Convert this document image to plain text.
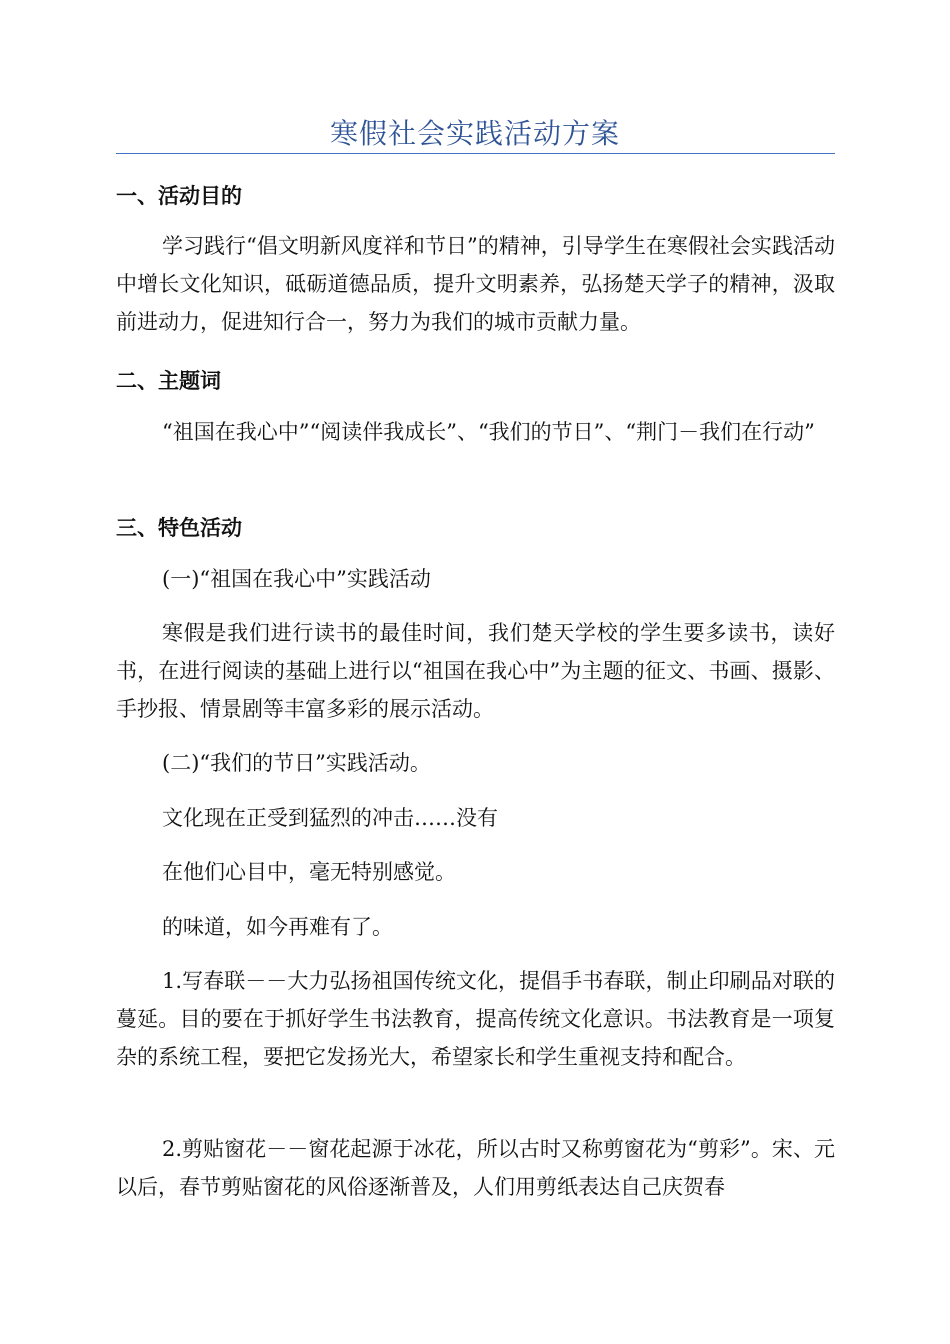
寒假社会实践活动方案
一、活动目的
学习践行“倡文明新风度祥和节日”的精神，引导学生在寒假社会实践活动中增长文化知识，砥砺道德品质，提升文明素养，弘扬楚天学子的精神，汲取前进动力，促进知行合一，努力为我们的城市贡献力量。
二、主题词
“祖国在我心中”“阅读伴我成长”、“我们的节日”、“荆门－我们在行动”
三、特色活动
(一)“祖国在我心中”实践活动
寒假是我们进行读书的最佳时间，我们楚天学校的学生要多读书，读好书，在进行阅读的基础上进行以“祖国在我心中”为主题的征文、书画、摄影、手抄报、情景剧等丰富多彩的展示活动。
(二)“我们的节日”实践活动。
文化现在正受到猛烈的冲击……没有
在他们心目中，毫无特别感觉。
的味道，如今再难有了。
1.写春联－－大力弘扬祖国传统文化，提倡手书春联，制止印刷品对联的蔓延。目的要在于抓好学生书法教育，提高传统文化意识。书法教育是一项复杂的系统工程，要把它发扬光大，希望家长和学生重视支持和配合。
2.剪贴窗花－－窗花起源于冰花，所以古时又称剪窗花为“剪彩”。宋、元以后，春节剪贴窗花的风俗逐渐普及，人们用剪纸表达自己庆贺春
